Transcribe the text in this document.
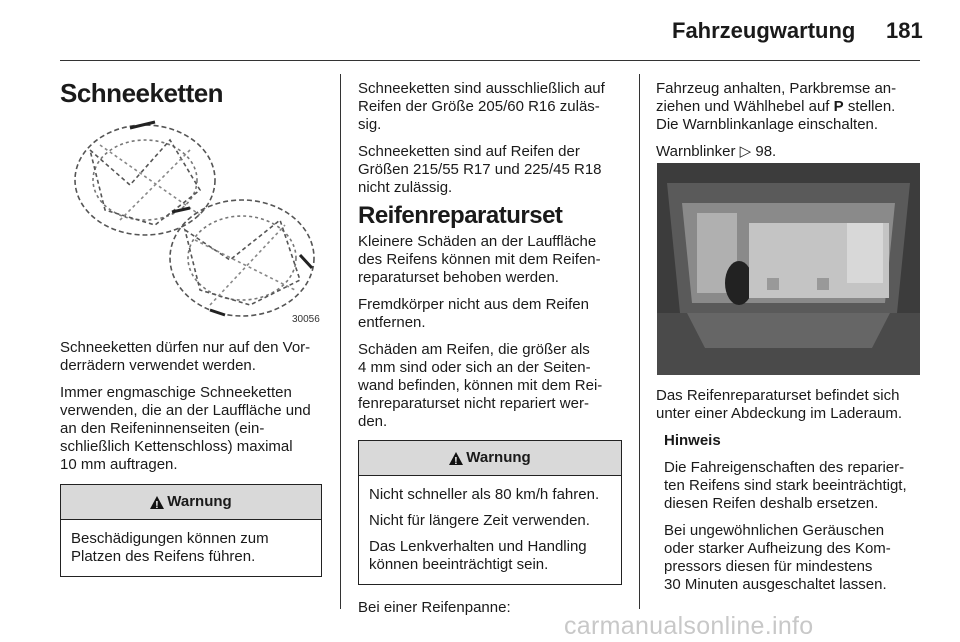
Fahrzeugwartung 181
Schneeketten
30056

Schneeketten dürfen nur auf den Vor-
derrädern verwendet werden.

Immer engmaschige Schneeketten
verwenden, die an der Lauffläche und
an den Reifeninnenseiten (ein-
schließlich Kettenschloss) maximal
10 mm auftragen.

!
Warnung

Beschädigungen können zum
Platzen des Reifens führen.

Schneeketten sind ausschließlich auf
Reifen der Größe 205/60 R16 zuläs-
sig.

Schneeketten sind auf Reifen der
Größen 215/55 R17 und 225/45 R18
nicht zulässig.

Reifenreparaturset

Kleinere Schäden an der Lauffläche
des Reifens können mit dem Reifen-
reparaturset behoben werden.

Fremdkörper nicht aus dem Reifen
entfernen.

Schäden am Reifen, die größer als
4 mm sind oder sich an der Seiten-
wand befinden, können mit dem Rei-
fenreparaturset nicht repariert wer-
den.

!
Warnung

Nicht schneller als 80 km/h fahren.

Nicht für längere Zeit verwenden.

Das Lenkverhalten und Handling
können beeinträchtigt sein.

Bei einer Reifenpanne:

Fahrzeug anhalten, Parkbremse an-
ziehen und Wählhebel auf P stellen.
Die Warnblinkanlage einschalten.

Warnblinker ▷ 98.

Das Reifenreparaturset befindet sich
unter einer Abdeckung im Laderaum.

Hinweis

Die Fahreigenschaften des reparier-
ten Reifens sind stark beeinträchtigt,
diesen Reifen deshalb ersetzen.

Bei ungewöhnlichen Geräuschen
oder starker Aufheizung des Kom-
pressors diesen für mindestens
30 Minuten ausgeschaltet lassen.

carmanualsonline.info
